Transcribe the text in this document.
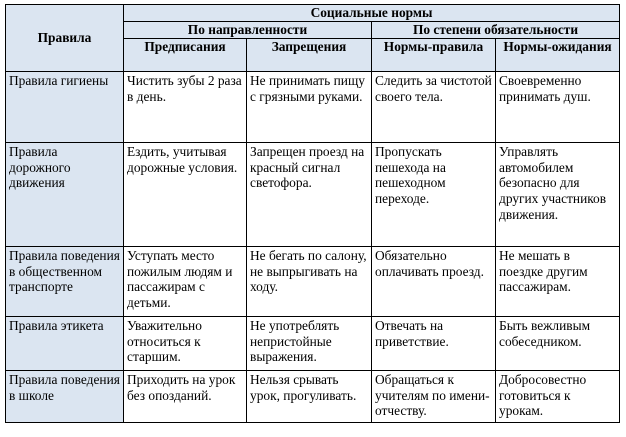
Правила	Социальные нормы			
	По направленности		По степени обязательности	
	Предписания	Запрещения	Нормы-правила	Нормы-ожидания
Правила гигиены	Чистить зубы 2 раза в день.	Не принимать пищу с грязными руками.	Следить за чистотой своего тела.	Своевременно принимать душ.
Правила дорожного движения	Ездить, учитывая дорожные условия.	Запрещен проезд на красный сигнал светофора.	Пропускать пешехода на пешеходном переходе.	Управлять автомобилем безопасно для других участников движения.
Правила поведения в общественном транспорте	Уступать место пожилым людям и пассажирам с детьми.	Не бегать по салону, не выпрыгивать на ходу.	Обязательно оплачивать проезд.	Не мешать в поездке другим пассажирам.
Правила этикета	Уважительно относиться к старшим.	Не употреблять непристойные выражения.	Отвечать на приветствие.	Быть вежливым собеседником.
Правила поведения в школе	Приходить на урок без опозданий.	Нельзя срывать урок, прогуливать.	Обращаться к учителям по имени-отчеству.	Добросовестно готовиться к урокам.
